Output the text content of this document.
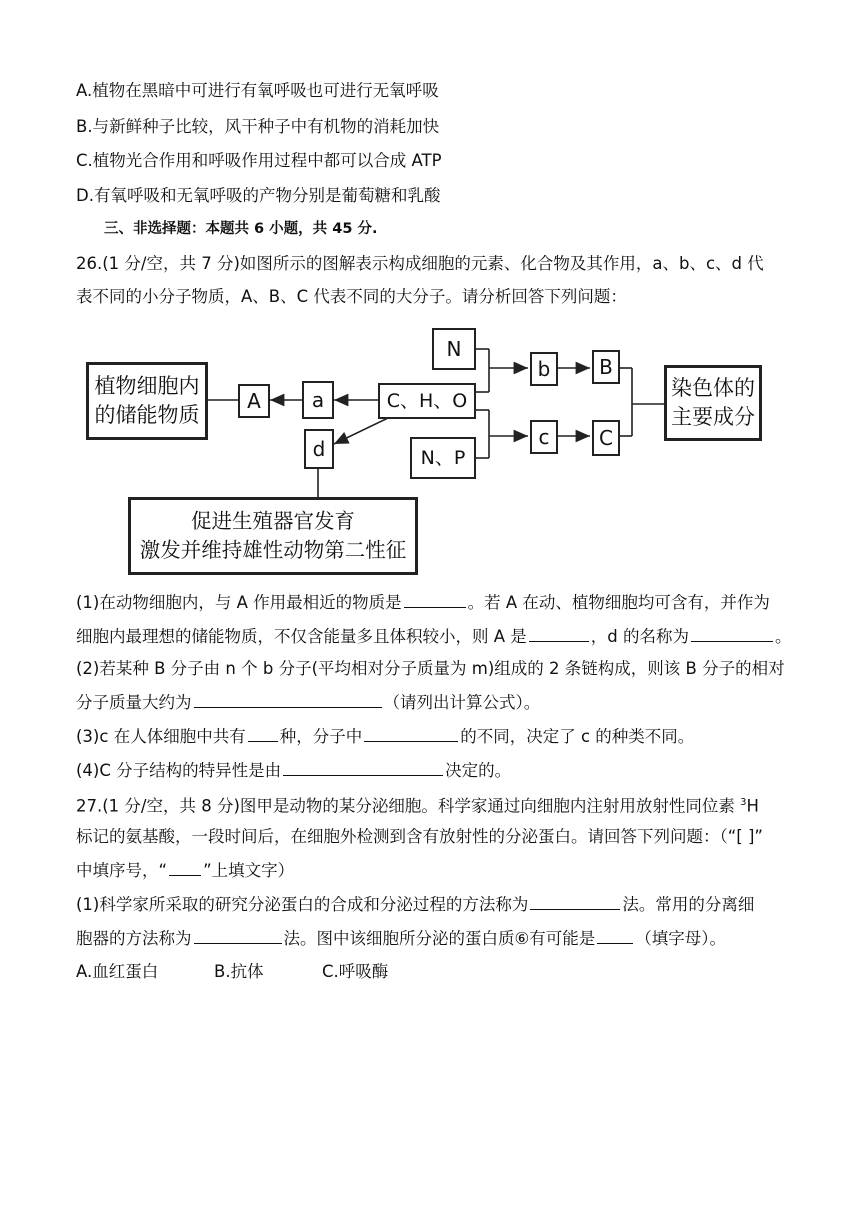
A.植物在黑暗中可进行有氧呼吸也可进行无氧呼吸
B.与新鲜种子比较，风干种子中有机物的消耗加快
C.植物光合作用和呼吸作用过程中都可以合成 ATP
D.有氧呼吸和无氧呼吸的产物分别是葡萄糖和乳酸
三、非选择题：本题共 6 小题，共 45 分.
26.(1 分/空，共 7 分)如图所示的图解表示构成细胞的元素、化合物及其作用，a、b、c、d 代
表不同的小分子物质，A、B、C 代表不同的大分子。请分析回答下列问题：
植物细胞内
的储能物质
A	a	C、H、O
d
N
N、P
b
c
B
C
染色体的
主要成分
促进生殖器官发育
激发并维持雄性动物第二性征
(1)在动物细胞内，与 A 作用最相近的物质是	。若 A 在动、植物细胞均可含有，并作为
细胞内最理想的储能物质，不仅含能量多且体积较小，则 A 是	，d 的名称为	。
(2)若某种 B 分子由 n 个 b 分子(平均相对分子质量为 m)组成的 2 条链构成，则该 B 分子的相对
分子质量大约为	（请列出计算公式）。
(3)c 在人体细胞中共有 种，分子中	的不同，决定了 c 的种类不同。
(4)C 分子结构的特异性是由	决定的。
27.(1 分/空，共 8 分)图甲是动物的某分泌细胞。科学家通过向细胞内注射用放射性同位素 $^3$H
标记的氨基酸，一段时间后，在细胞外检测到含有放射性的分泌蛋白。请回答下列问题：（“[ ]”
中填序号，“ ”上填文字）
(1)科学家所采取的研究分泌蛋白的合成和分泌过程的方法称为	法。常用的分离细
胞器的方法称为	法。图中该细胞所分泌的蛋白质⑥有可能是 （填字母）。
A.血红蛋白	B.抗体	C.呼吸酶
